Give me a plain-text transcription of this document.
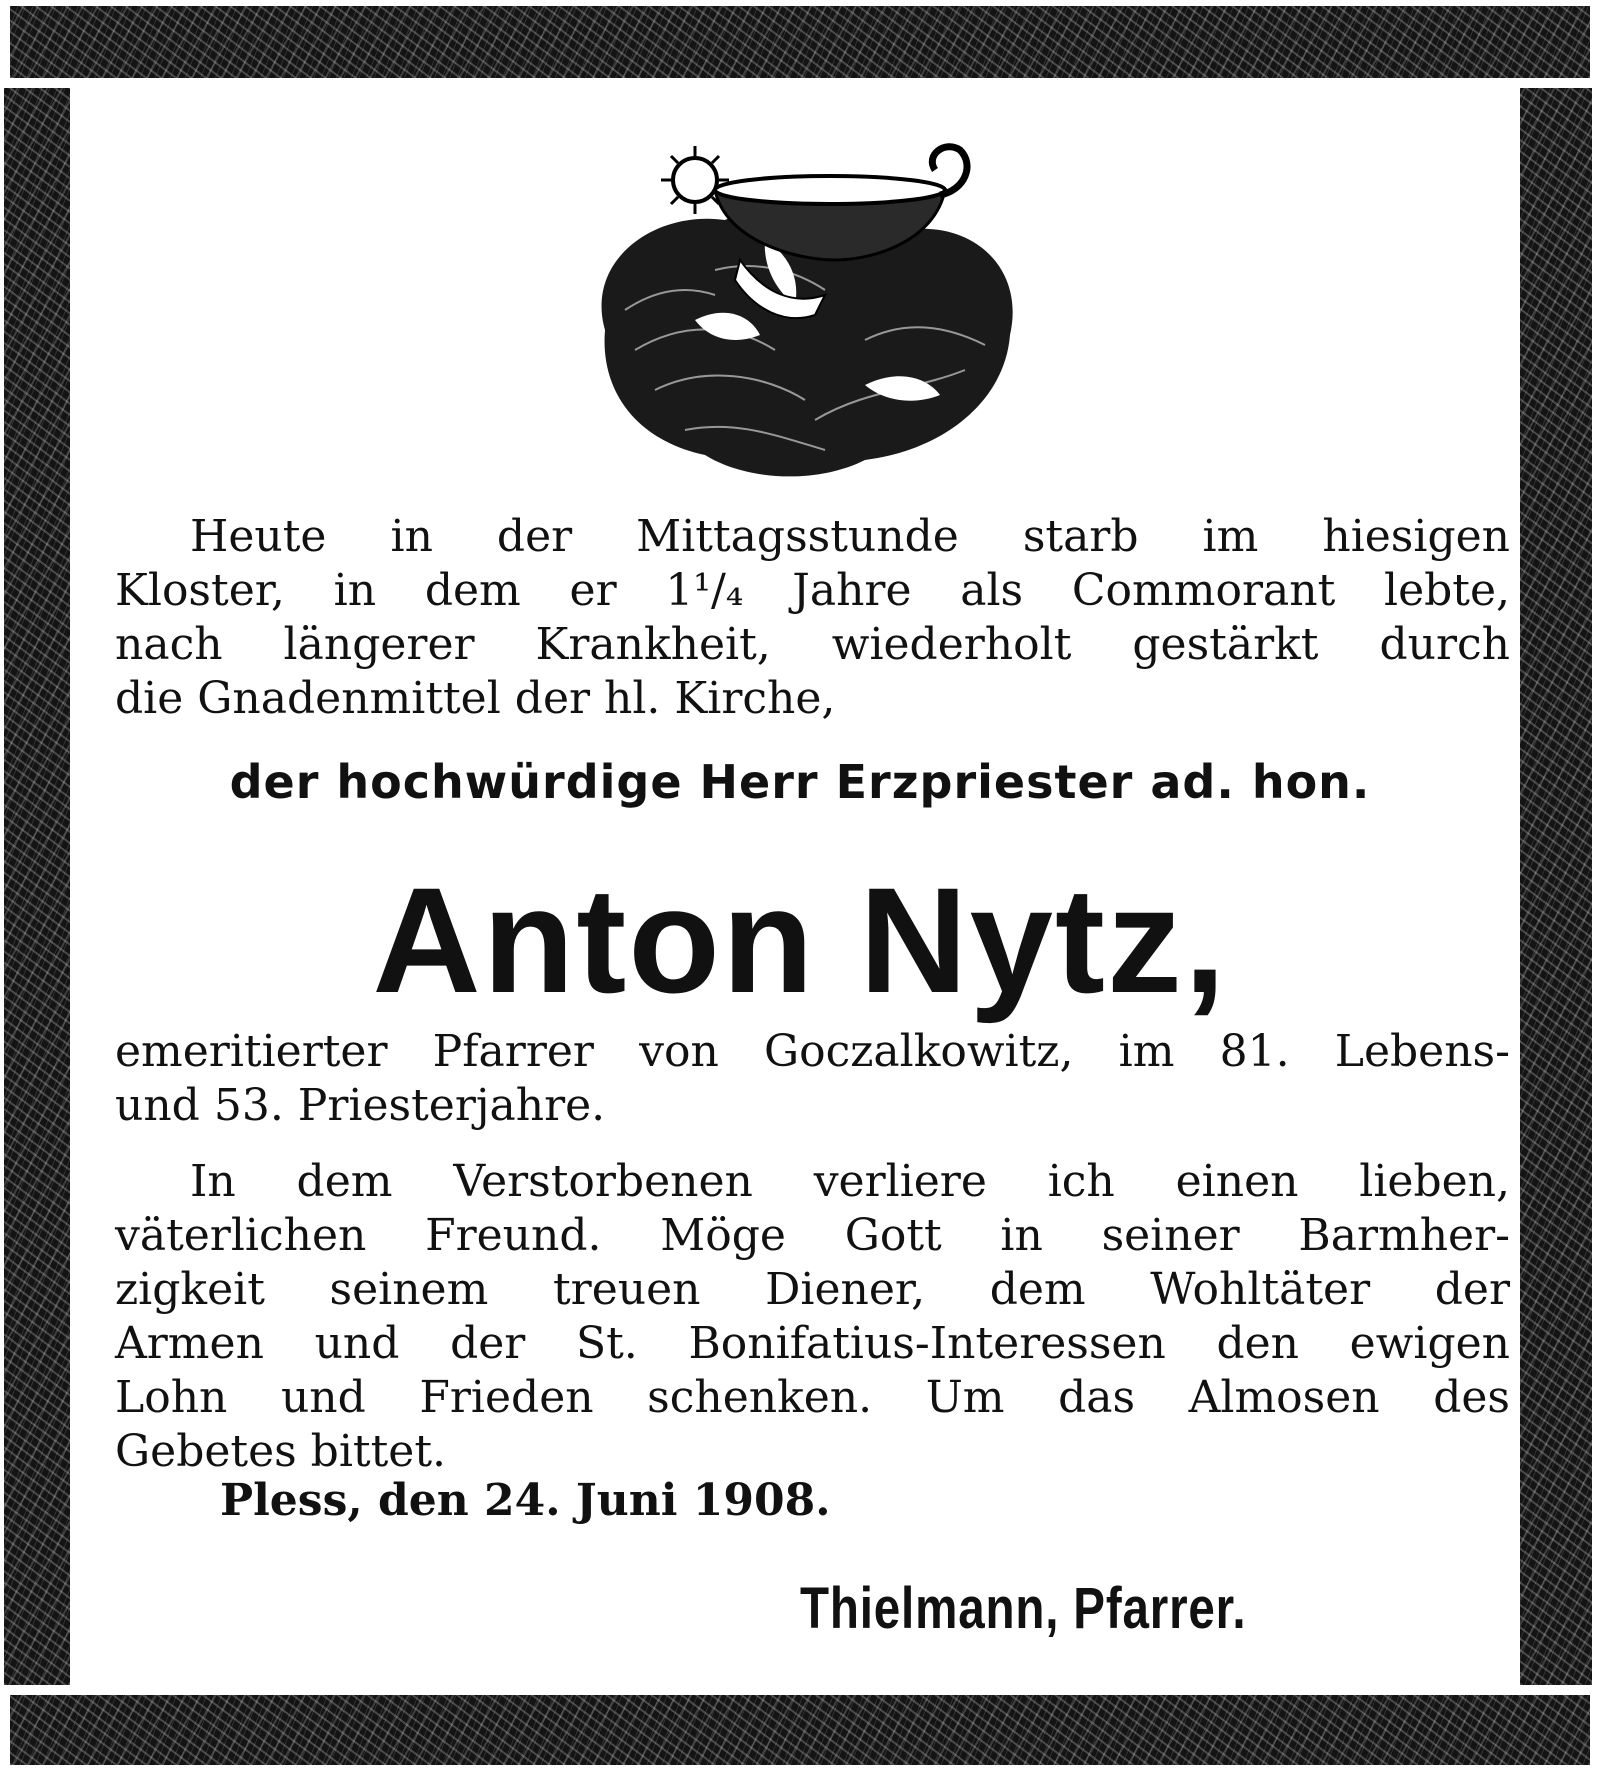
Heute in der Mittagsstunde starb im hiesigen
Kloster, in dem er 1¹/₄ Jahre als Commorant lebte,
nach längerer Krankheit, wiederholt gestärkt durch
die Gnadenmittel der hl. Kirche,
der hochwürdige Herr Erzpriester ad. hon.
Anton Nytz,
emeritierter Pfarrer von Goczalkowitz, im 81. Lebens-
und 53. Priesterjahre.
In dem Verstorbenen verliere ich einen lieben,
väterlichen Freund. Möge Gott in seiner Barmher-
zigkeit seinem treuen Diener, dem Wohltäter der
Armen und der St. Bonifatius-Interessen den ewigen
Lohn und Frieden schenken. Um das Almosen des
Gebetes bittet.
Pless, den 24. Juni 1908.
Thielmann, Pfarrer.
